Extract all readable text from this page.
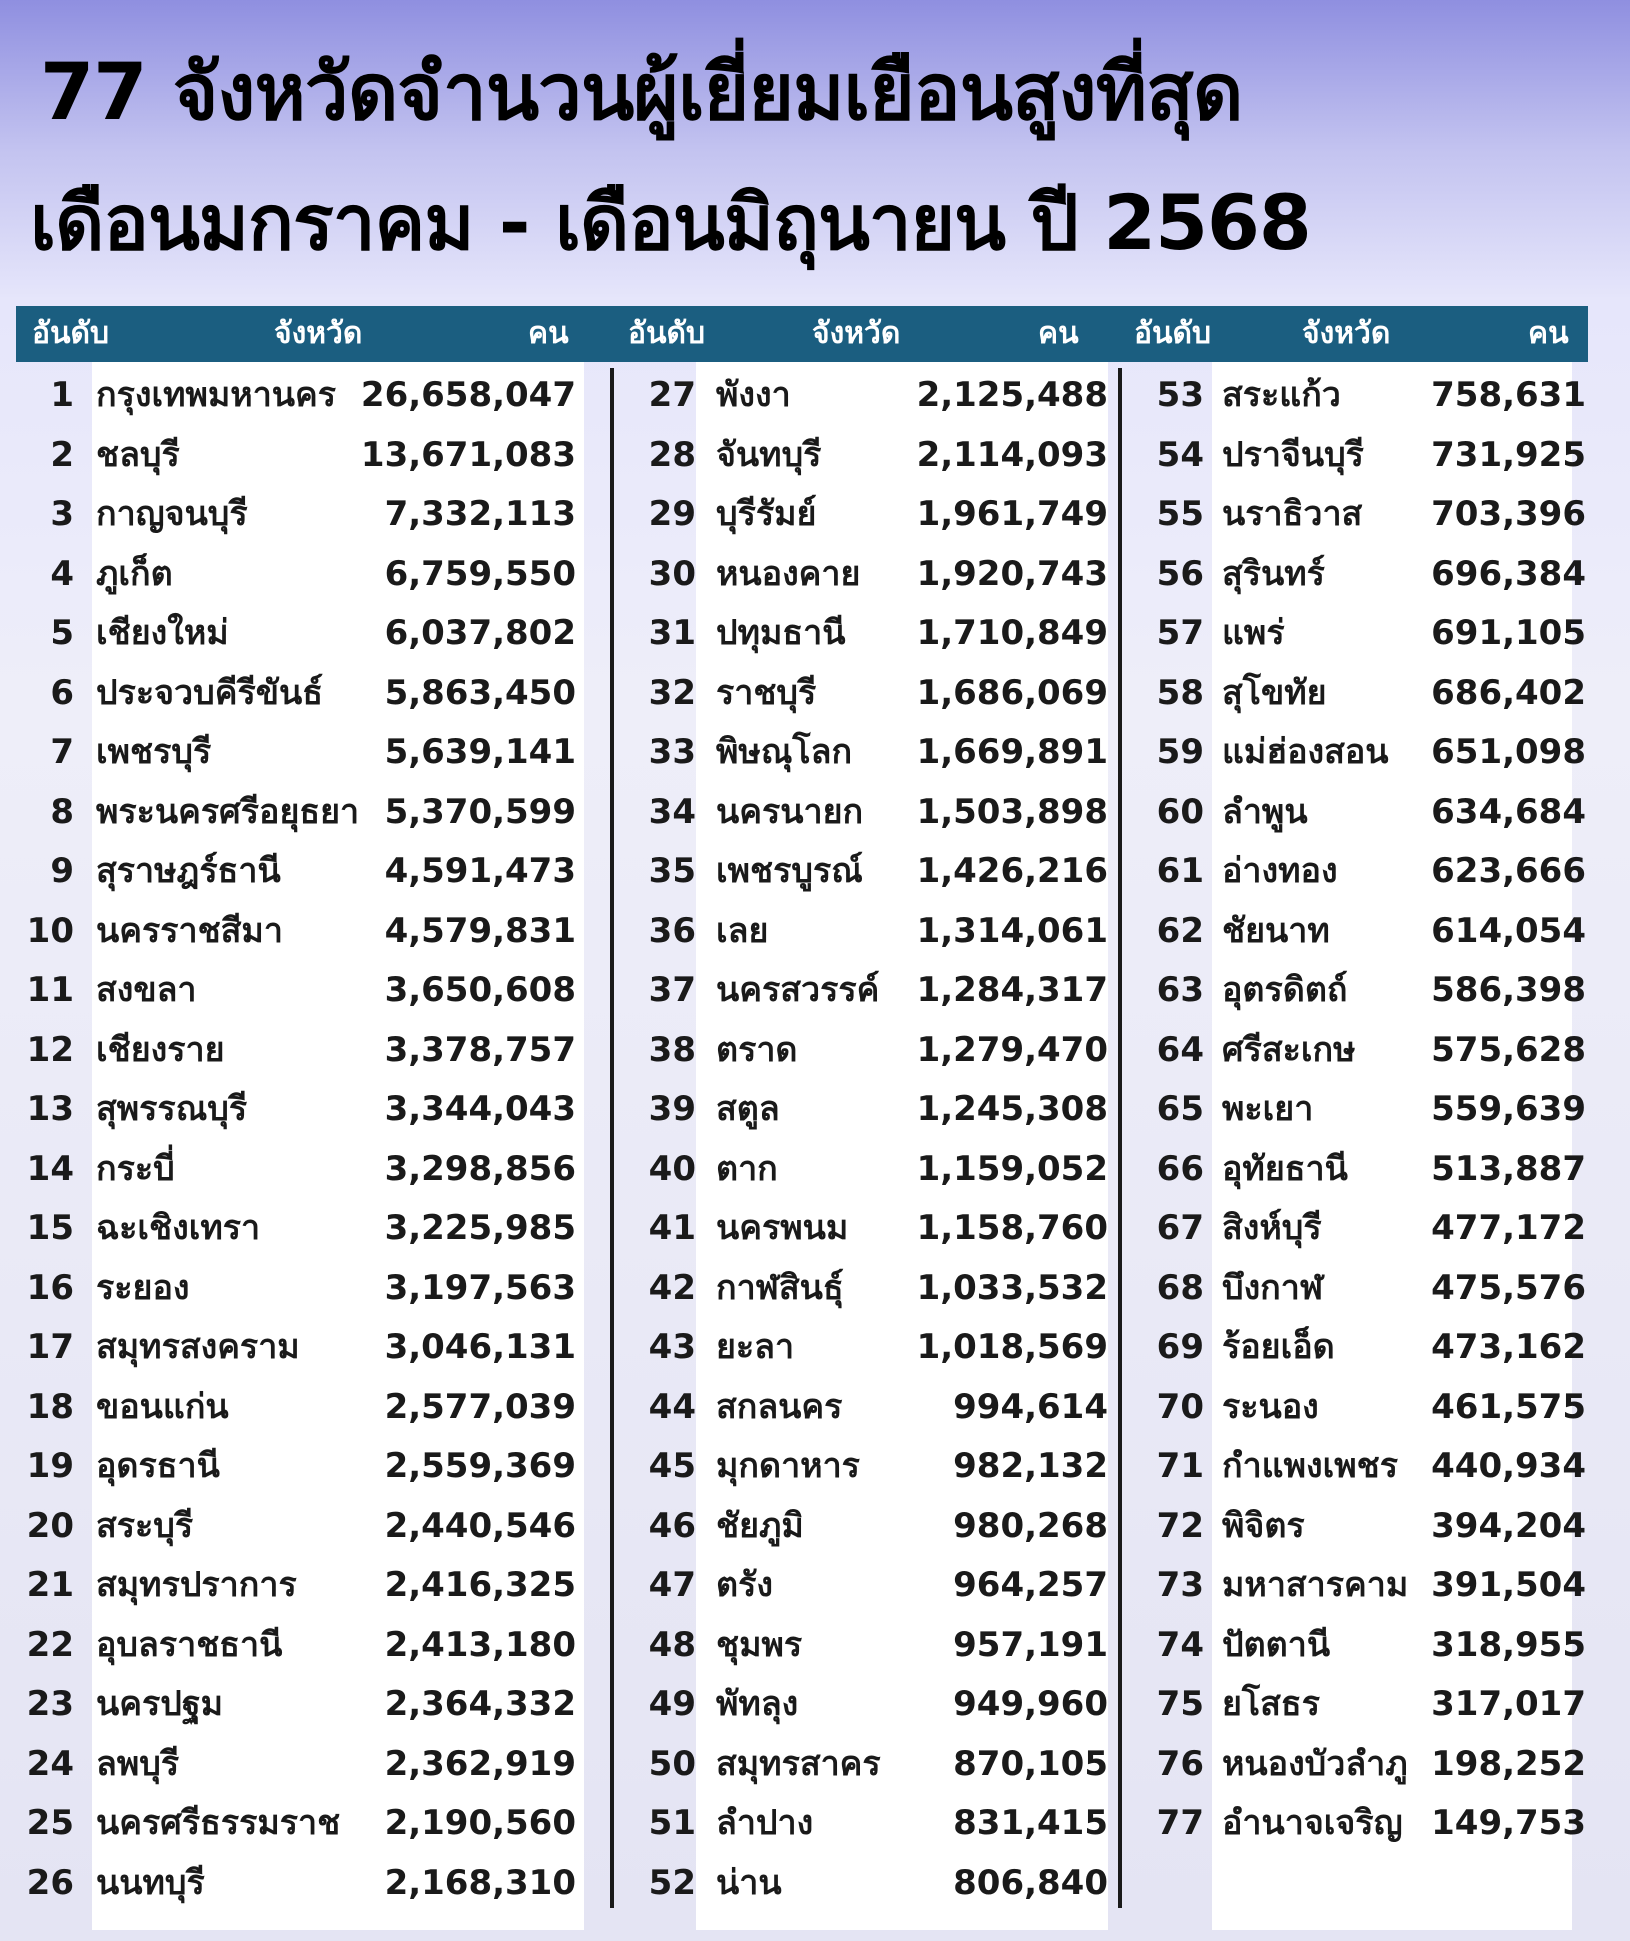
77 จังหวัดจำนวนผู้เยี่ยมเยือนสูงที่สุด
เดือนมกราคม - เดือนมิถุนายน ปี 2568
อันดับ	จังหวัด	คน อันดับ	จังหวัด	คน อันดับ	จังหวัด	คน
1 กรุงเทพมหานคร 26,658,047
2 ชลบุรี	13,671,083
3 กาญจนบุรี	7,332,113
4 ภูเก็ต	6,759,550
5 เชียงใหม่	6,037,802
6 ประจวบคีรีขันธ์ 5,863,450
7 เพชรบุรี	5,639,141
8 พระนครศรีอยุธยา 5,370,599
9 สุราษฎร์ธานี	4,591,473
10 นครราชสีมา	4,579,831
11 สงขลา	3,650,608
12 เชียงราย	3,378,757
13 สุพรรณบุรี	3,344,043
14 กระบี่	3,298,856
15 ฉะเชิงเทรา	3,225,985
16 ระยอง	3,197,563
17 สมุทรสงคราม 3,046,131
18 ขอนแก่น	2,577,039
19 อุดรธานี	2,559,369
20 สระบุรี	2,440,546
21 สมุทรปราการ	2,416,325
22 อุบลราชธานี	2,413,180
23 นครปฐม	2,364,332
24 ลพบุรี	2,362,919
25 นครศรีธรรมราช 2,190,560
26 นนทบุรี	2,168,310
27 พังงา	2,125,488
28 จันทบุรี	2,114,093
29 บุรีรัมย์	1,961,749
30 หนองคาย 1,920,743
31 ปทุมธานี 1,710,849
32 ราชบุรี	1,686,069
33 พิษณุโลก 1,669,891
34 นครนายก 1,503,898
35 เพชรบูรณ์ 1,426,216
36 เลย	1,314,061
37 นครสวรรค์ 1,284,317
38 ตราด	1,279,470
39 สตูล	1,245,308
40 ตาก	1,159,052
41 นครพนม 1,158,760
42 กาฬสินธุ์ 1,033,532
43 ยะลา	1,018,569
44 สกลนคร	994,614
45 มุกดาหาร	982,132
46 ชัยภูมิ	980,268
47 ตรัง	964,257
48 ชุมพร	957,191
49 พัทลุง	949,960
50 สมุทรสาคร 870,105
51 ลำปาง	831,415
52 น่าน	806,840
53 สระแก้ว	758,631
54 ปราจีนบุรี 731,925
55 นราธิวาส 703,396
56 สุรินทร์	696,384
57 แพร่	691,105
58 สุโขทัย	686,402
59 แม่ฮ่องสอน 651,098
60 ลำพูน	634,684
61 อ่างทอง	623,666
62 ชัยนาท	614,054
63 อุตรดิตถ์ 586,398
64 ศรีสะเกษ 575,628
65 พะเยา	559,639
66 อุทัยธานี 513,887
67 สิงห์บุรี	477,172
68 บึงกาฬ	475,576
69 ร้อยเอ็ด	473,162
70 ระนอง	461,575
71 กำแพงเพชร 440,934
72 พิจิตร	394,204
73 มหาสารคาม 391,504
74 ปัตตานี	318,955
75 ยโสธร	317,017
76 หนองบัวลำภู 198,252
77 อำนาจเจริญ 149,753
